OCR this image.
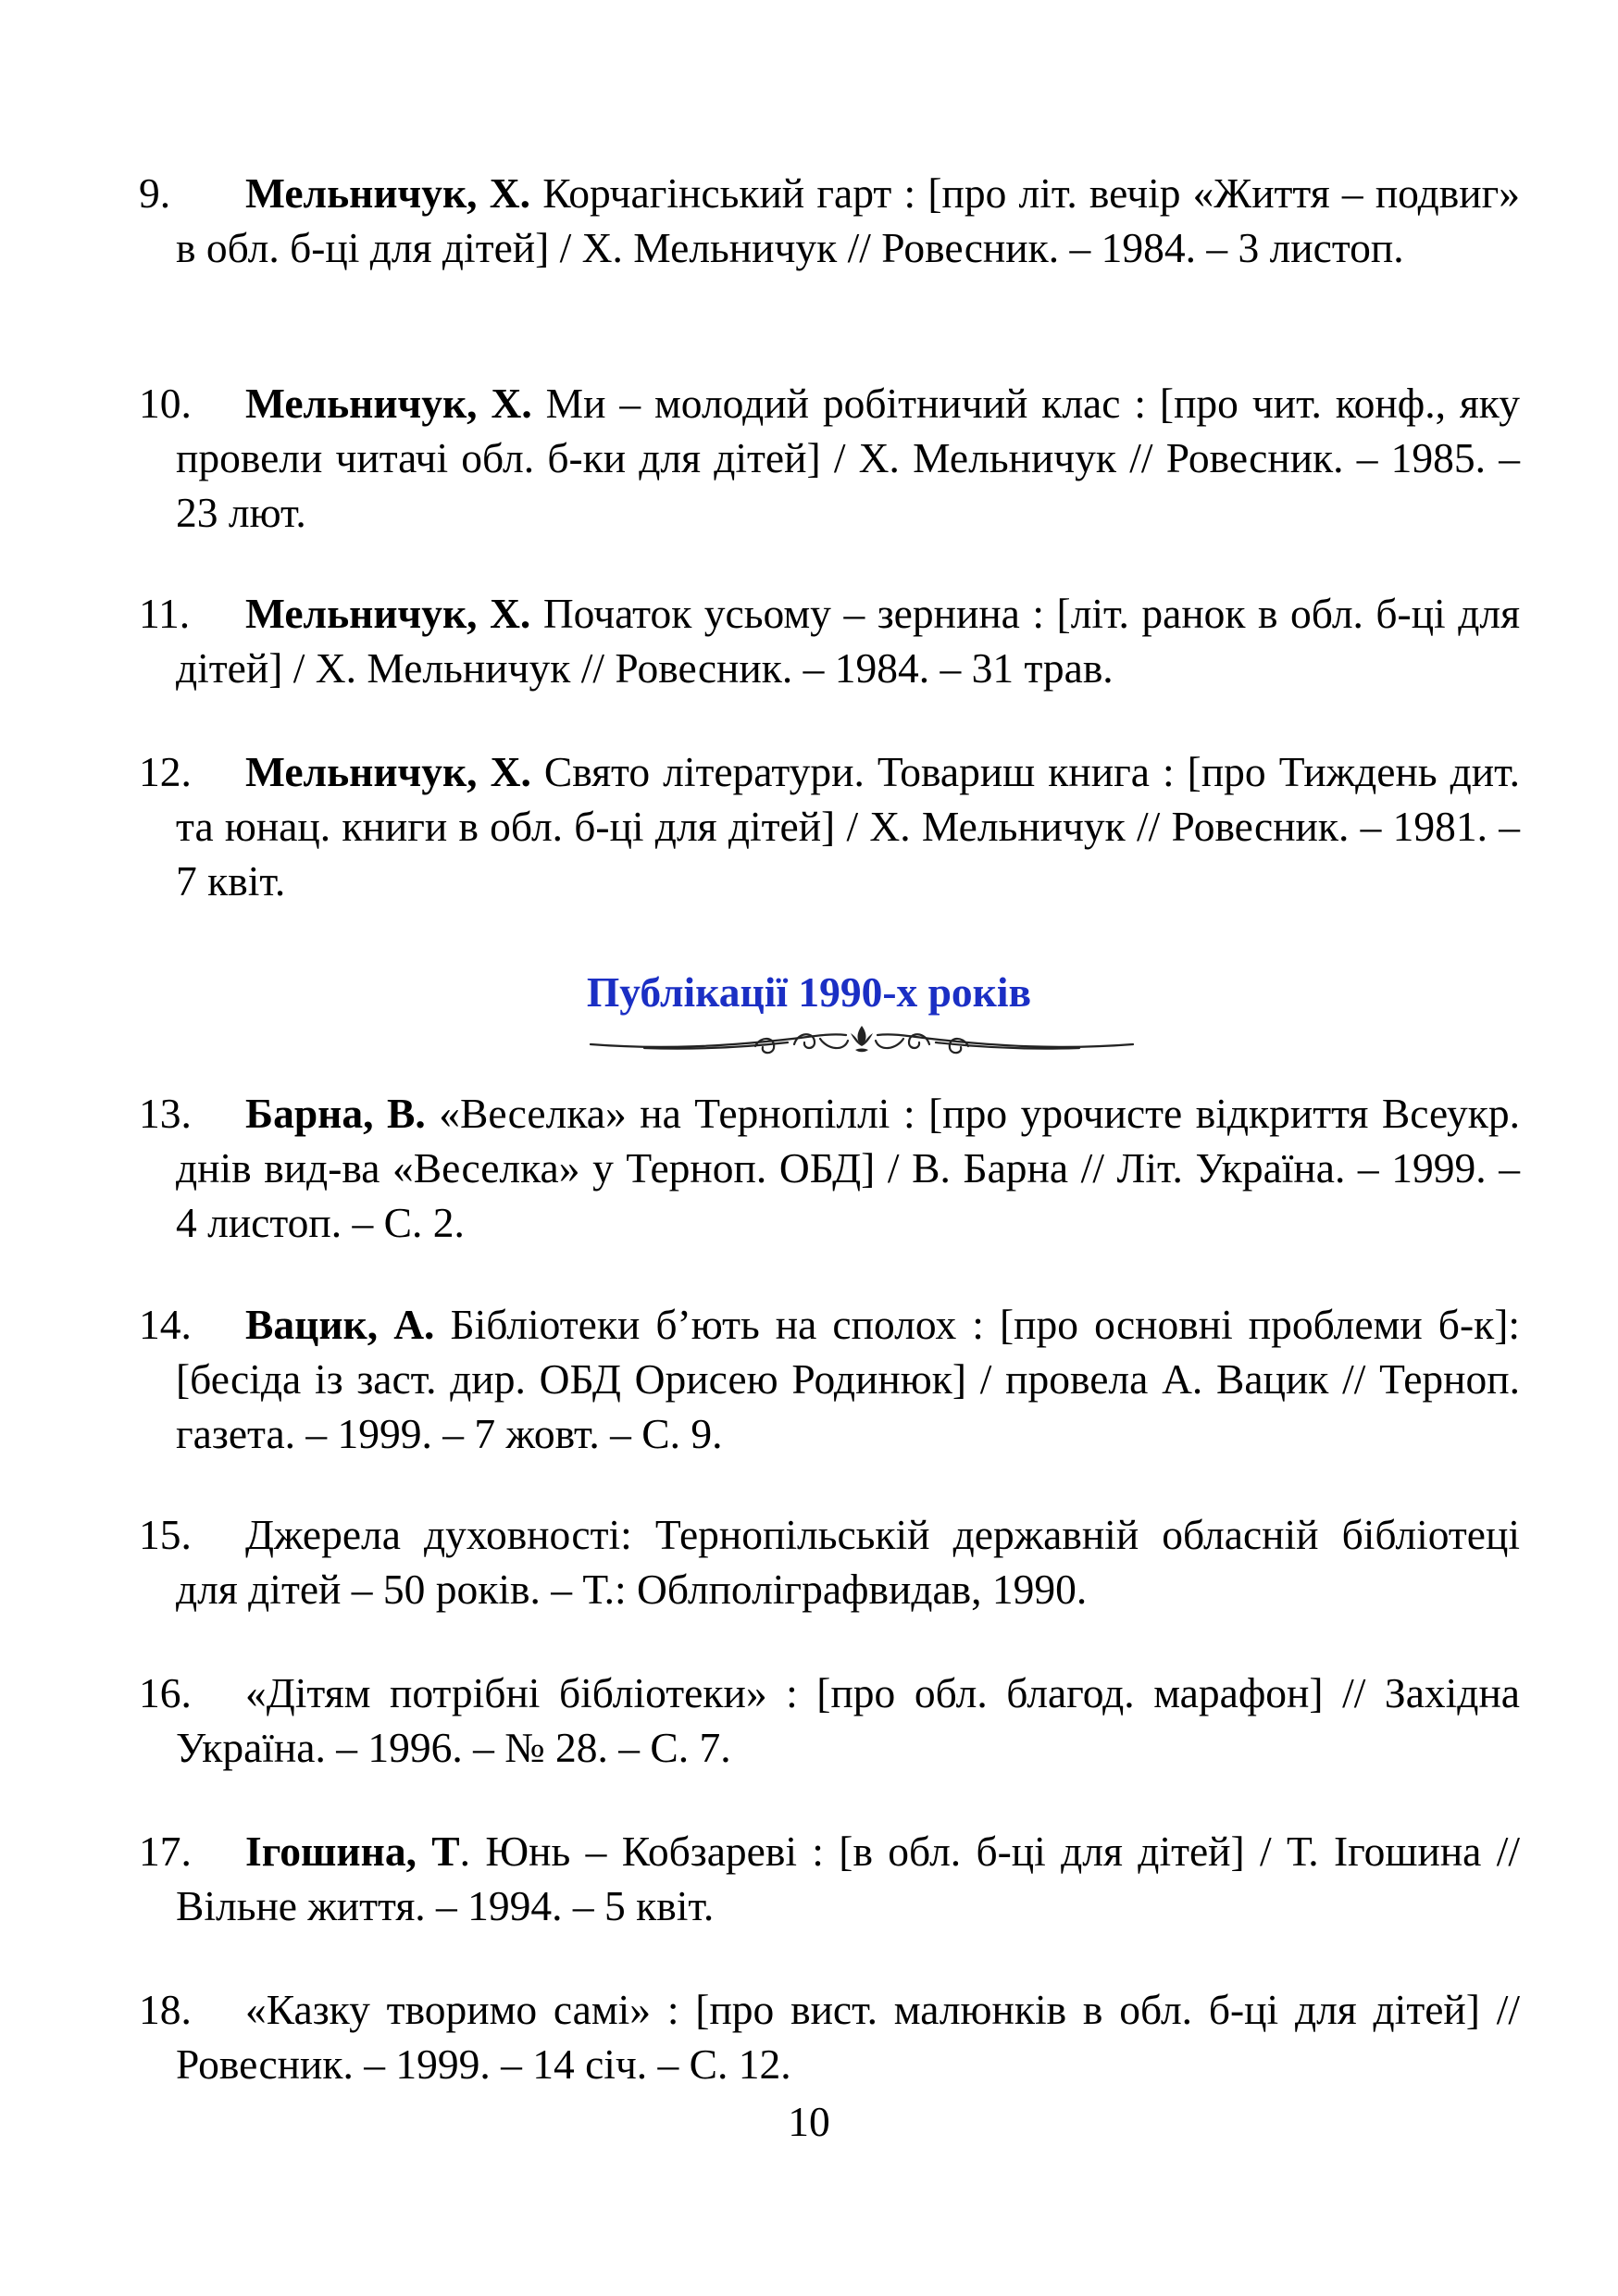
9. Мельничук, Х. Корчагінський гарт : [про літ. вечір «Життя – подвиг» в обл. б-ці для дітей] / Х. Мельничук // Ровесник. – 1984. – 3 листоп.
10. Мельничук, Х. Ми – молодий робітничий клас : [про чит. конф., яку провели читачі обл. б-ки для дітей] / Х. Мельничук // Ровесник. – 1985. – 23 лют.
11. Мельничук, Х. Початок усьому – зернина : [літ. ранок в обл. б-ці для дітей] / Х. Мельничук // Ровесник. – 1984. – 31 трав.
12. Мельничук, Х. Свято літератури. Товариш книга : [про Тиждень дит. та юнац. книги в обл. б-ці для дітей] / Х. Мельничук // Ровесник. – 1981. – 7 квіт.
Публікації 1990-х років
13. Барна, В. «Веселка» на Тернопіллі : [про урочисте відкриття Всеукр. днів вид-ва «Веселка» у Терноп. ОБД] / В. Барна // Літ. Україна. – 1999. – 4 листоп. – С. 2.
14. Вацик, А. Бібліотеки б’ють на сполох : [про основні проблеми б-к]: [бесіда із заст. дир. ОБД Орисею Родинюк] / провела А. Вацик // Терноп. газета. – 1999. – 7 жовт. – С. 9.
15. Джерела духовності: Тернопільській державній обласній бібліотеці для дітей – 50 років. – Т.: Облполіграфвидав, 1990.
16. «Дітям потрібні бібліотеки» : [про обл. благод. марафон] // Західна Україна. – 1996. – № 28. – С. 7.
17. Ігошина, Т. Юнь – Кобзареві : [в обл. б-ці для дітей] / Т. Ігошина // Вільне життя. – 1994. – 5 квіт.
18. «Казку творимо самі» : [про вист. малюнків в обл. б-ці для дітей] // Ровесник. – 1999. – 14 січ. – С. 12.
10
